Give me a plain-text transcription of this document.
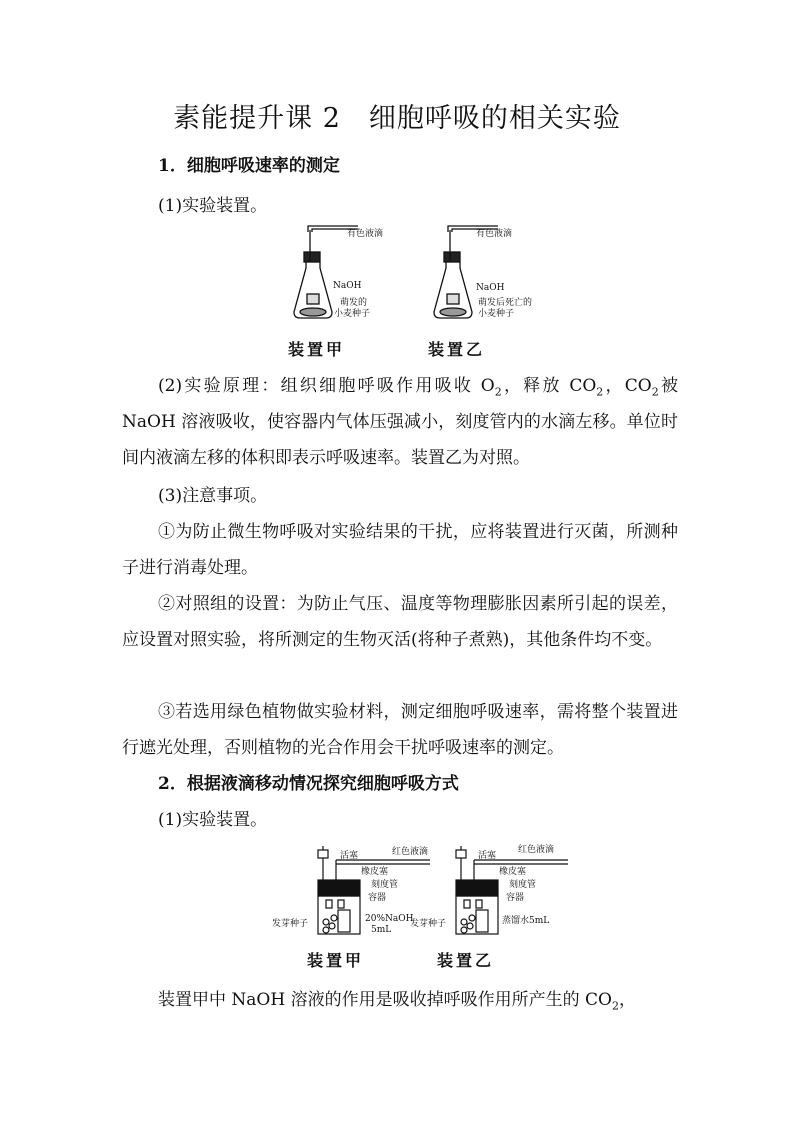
素能提升课 2　细胞呼吸的相关实验
1．细胞呼吸速率的测定
(1)实验装置。
有色液滴
NaOH
萌发的
小麦种子
有色液滴
NaOH
萌发后死亡的
小麦种子
装置甲	装置乙
(2)实验原理：组织细胞呼吸作用吸收 $O_2$，释放 $CO_2$，$CO_2$被 NaOH 溶液吸收，使容器内气体压强减小，刻度管内的水滴左移。单位时间内液滴左移的体积即表示呼吸速率。装置乙为对照。
(3)注意事项。
①为防止微生物呼吸对实验结果的干扰，应将装置进行灭菌，所测种子进行消毒处理。
②对照组的设置：为防止气压、温度等物理膨胀因素所引起的误差，应设置对照实验，将所测定的生物灭活(将种子煮熟)，其他条件均不变。
③若选用绿色植物做实验材料，测定细胞呼吸速率，需将整个装置进行遮光处理，否则植物的光合作用会干扰呼吸速率的测定。
2．根据液滴移动情况探究细胞呼吸方式
(1)实验装置。
活塞	红色液滴
橡皮塞
刻度管
容器
发芽种子	20%NaOH
5mL
活塞
红色液滴
橡皮塞
刻度管
容器
发芽种子	蒸馏水5mL
装置甲	装置乙
装置甲中 NaOH 溶液的作用是吸收掉呼吸作用所产生的 $CO_2$，
